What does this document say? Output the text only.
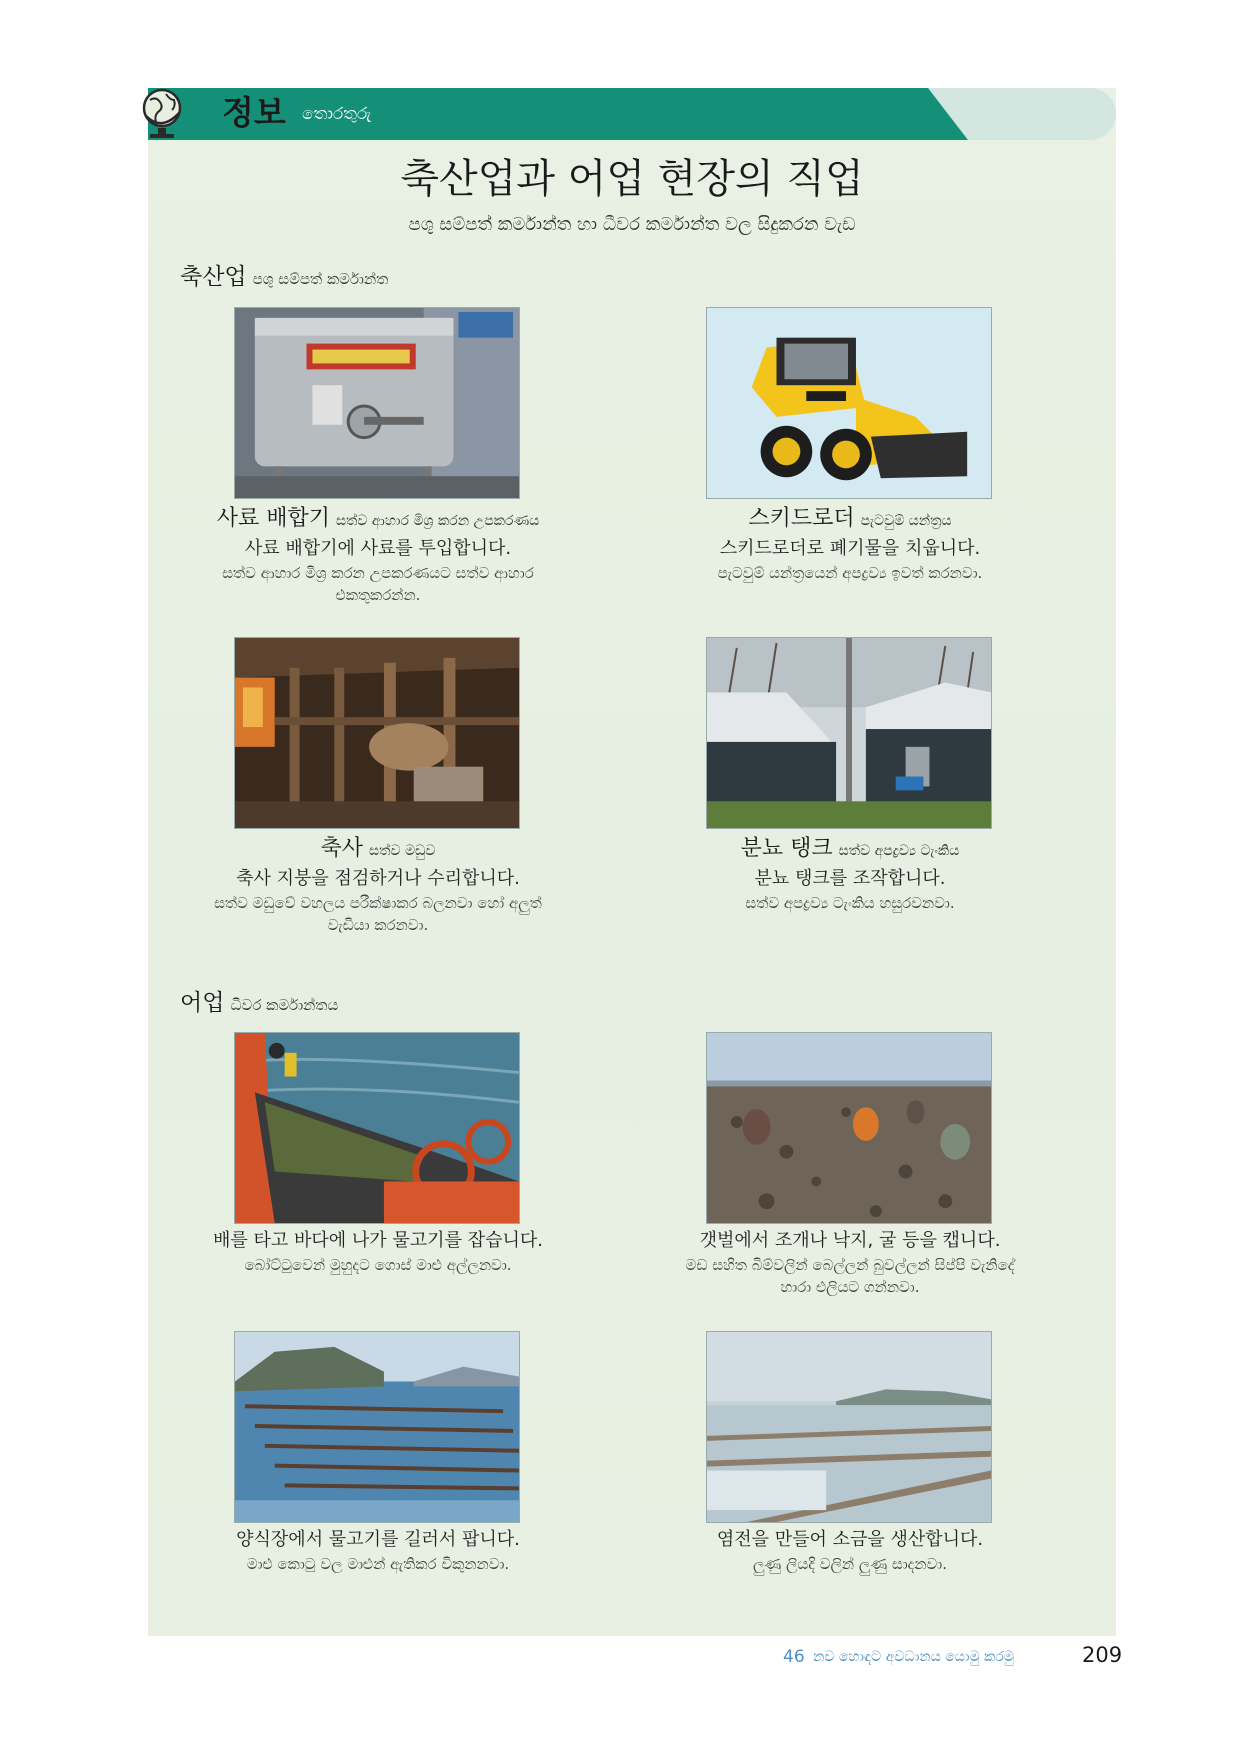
정보 තොරතුරු
축산업과 어업 현장의 직업
පශු සම්පත් කර්මාන්ත හා ධීවර කර්මාන්ත වල සිදුකරන වැඩ
축산업 පශු සම්පත් කර්මාන්ත
사료 배합기 සත්ව ආහාර මිශ්‍ර කරන උපකරණය
사료 배합기에 사료를 투입합니다.
සත්ව ආහාර මිශ්‍ර කරන උපකරණයට සත්ව ආහාර එකතුකරන්න.
스키드로더 පැටවුම් යන්ත්‍රය
스키드로더로 폐기물을 치웁니다.
පැටවුම් යන්ත්‍රයෙන් අපද්‍රව්‍ය ඉවත් කරනවා.
축사 සත්ව මඩුව
축사 지붕을 점검하거나 수리합니다.
සත්ව මඩුවේ වහලය පරීක්ෂාකර බලනවා හෝ අලුත් වැඩියා කරනවා.
분뇨 탱크 සත්ව අපද්‍රව්‍ය ටැංකිය
분뇨 탱크를 조작합니다.
සත්ව අපද්‍රව්‍ය ටැංකිය හසුරවනවා.
어업 ධීවර කර්මාන්තය
배를 타고 바다에 나가 물고기를 잡습니다.
බෝට්ටුවෙන් මුහුදට ගොස් මාළු අල්ලනවා.
갯벌에서 조개나 낙지, 굴 등을 캡니다.
මඩ සහිත බිම්වලින් බෙල්ලන් බුවල්ලන් සිප්පි වැනිදේ හාරා එලියට ගන්නවා.
양식장에서 물고기를 길러서 팝니다.
මාළු කොටු වල මාළුන් ඇතිකර විකුනනවා.
염전을 만들어 소금을 생산합니다.
ලුණු ලියදි වලින් ලුණු සාදනවා.
46 නව හොඳට අවධානය යොමු කරමු	209
